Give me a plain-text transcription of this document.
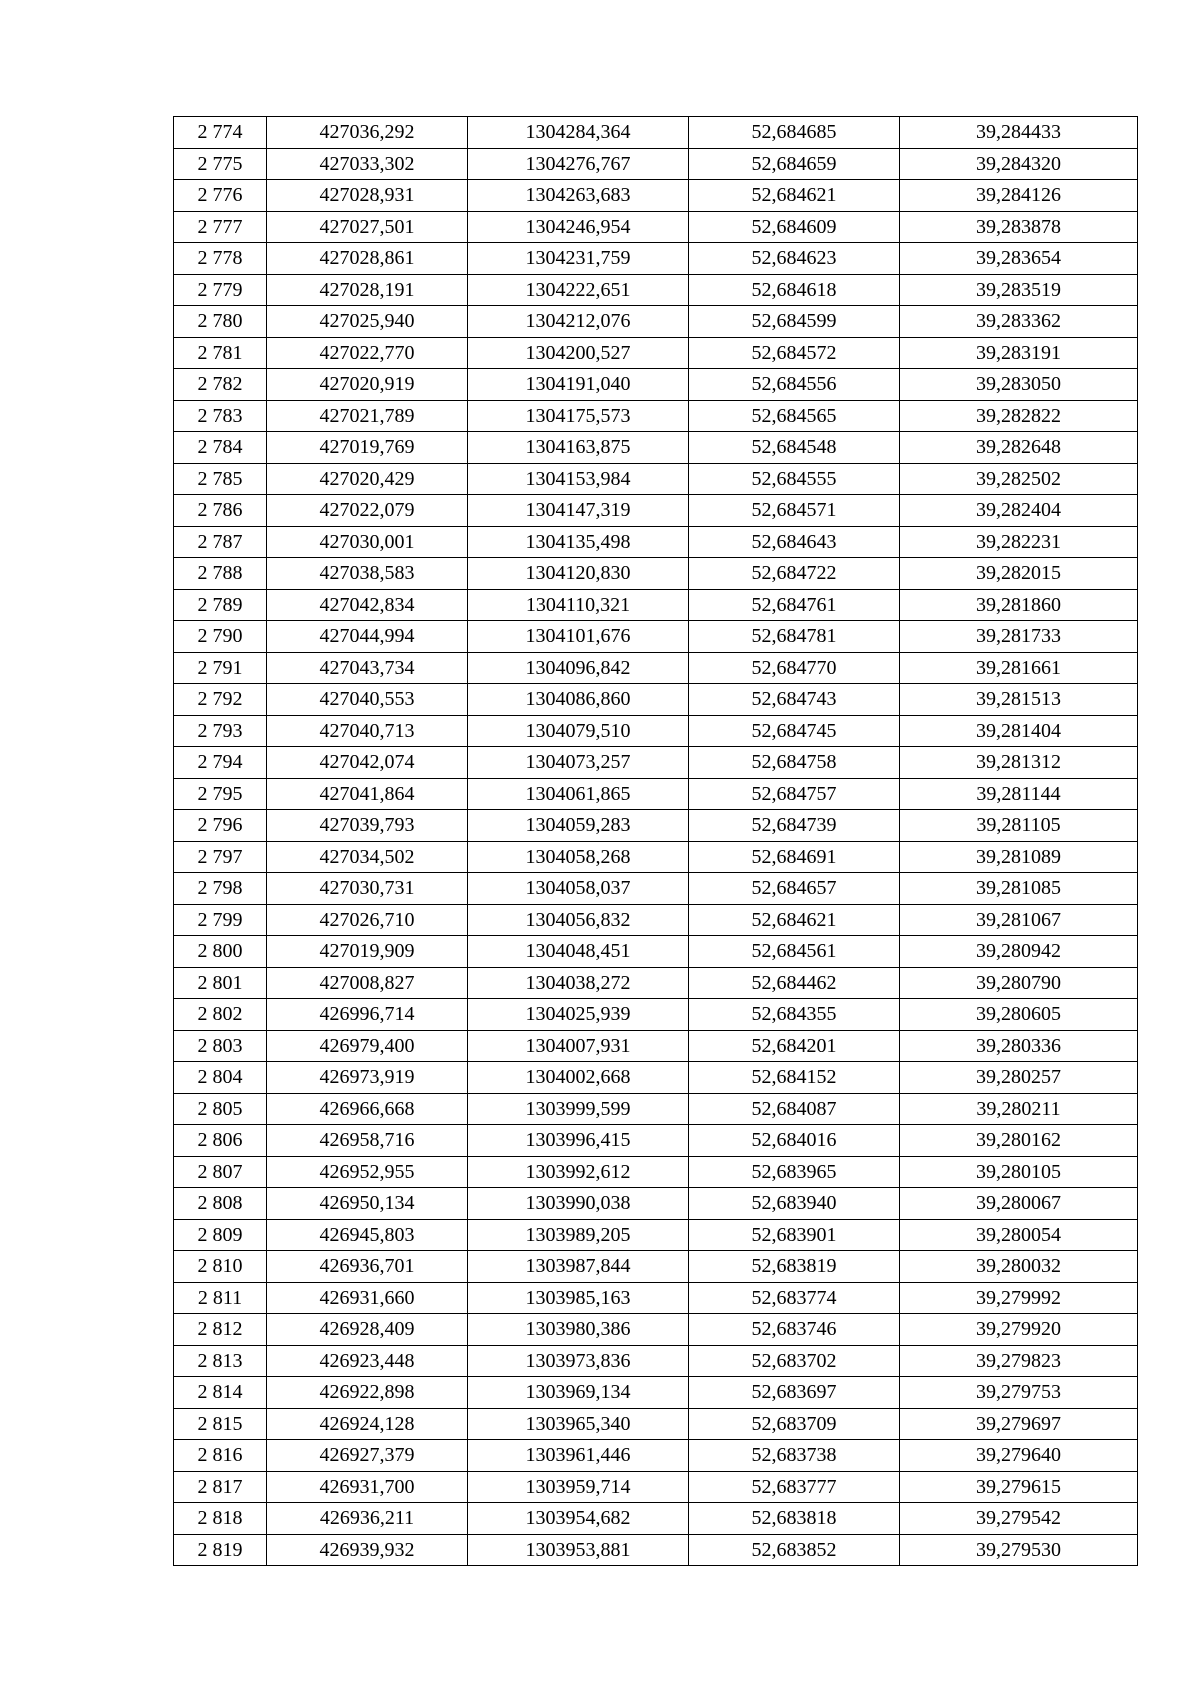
2 774	427036,292	1304284,364	52,684685	39,284433
2 775	427033,302	1304276,767	52,684659	39,284320
2 776	427028,931	1304263,683	52,684621	39,284126
2 777	427027,501	1304246,954	52,684609	39,283878
2 778	427028,861	1304231,759	52,684623	39,283654
2 779	427028,191	1304222,651	52,684618	39,283519
2 780	427025,940	1304212,076	52,684599	39,283362
2 781	427022,770	1304200,527	52,684572	39,283191
2 782	427020,919	1304191,040	52,684556	39,283050
2 783	427021,789	1304175,573	52,684565	39,282822
2 784	427019,769	1304163,875	52,684548	39,282648
2 785	427020,429	1304153,984	52,684555	39,282502
2 786	427022,079	1304147,319	52,684571	39,282404
2 787	427030,001	1304135,498	52,684643	39,282231
2 788	427038,583	1304120,830	52,684722	39,282015
2 789	427042,834	1304110,321	52,684761	39,281860
2 790	427044,994	1304101,676	52,684781	39,281733
2 791	427043,734	1304096,842	52,684770	39,281661
2 792	427040,553	1304086,860	52,684743	39,281513
2 793	427040,713	1304079,510	52,684745	39,281404
2 794	427042,074	1304073,257	52,684758	39,281312
2 795	427041,864	1304061,865	52,684757	39,281144
2 796	427039,793	1304059,283	52,684739	39,281105
2 797	427034,502	1304058,268	52,684691	39,281089
2 798	427030,731	1304058,037	52,684657	39,281085
2 799	427026,710	1304056,832	52,684621	39,281067
2 800	427019,909	1304048,451	52,684561	39,280942
2 801	427008,827	1304038,272	52,684462	39,280790
2 802	426996,714	1304025,939	52,684355	39,280605
2 803	426979,400	1304007,931	52,684201	39,280336
2 804	426973,919	1304002,668	52,684152	39,280257
2 805	426966,668	1303999,599	52,684087	39,280211
2 806	426958,716	1303996,415	52,684016	39,280162
2 807	426952,955	1303992,612	52,683965	39,280105
2 808	426950,134	1303990,038	52,683940	39,280067
2 809	426945,803	1303989,205	52,683901	39,280054
2 810	426936,701	1303987,844	52,683819	39,280032
2 811	426931,660	1303985,163	52,683774	39,279992
2 812	426928,409	1303980,386	52,683746	39,279920
2 813	426923,448	1303973,836	52,683702	39,279823
2 814	426922,898	1303969,134	52,683697	39,279753
2 815	426924,128	1303965,340	52,683709	39,279697
2 816	426927,379	1303961,446	52,683738	39,279640
2 817	426931,700	1303959,714	52,683777	39,279615
2 818	426936,211	1303954,682	52,683818	39,279542
2 819	426939,932	1303953,881	52,683852	39,279530
